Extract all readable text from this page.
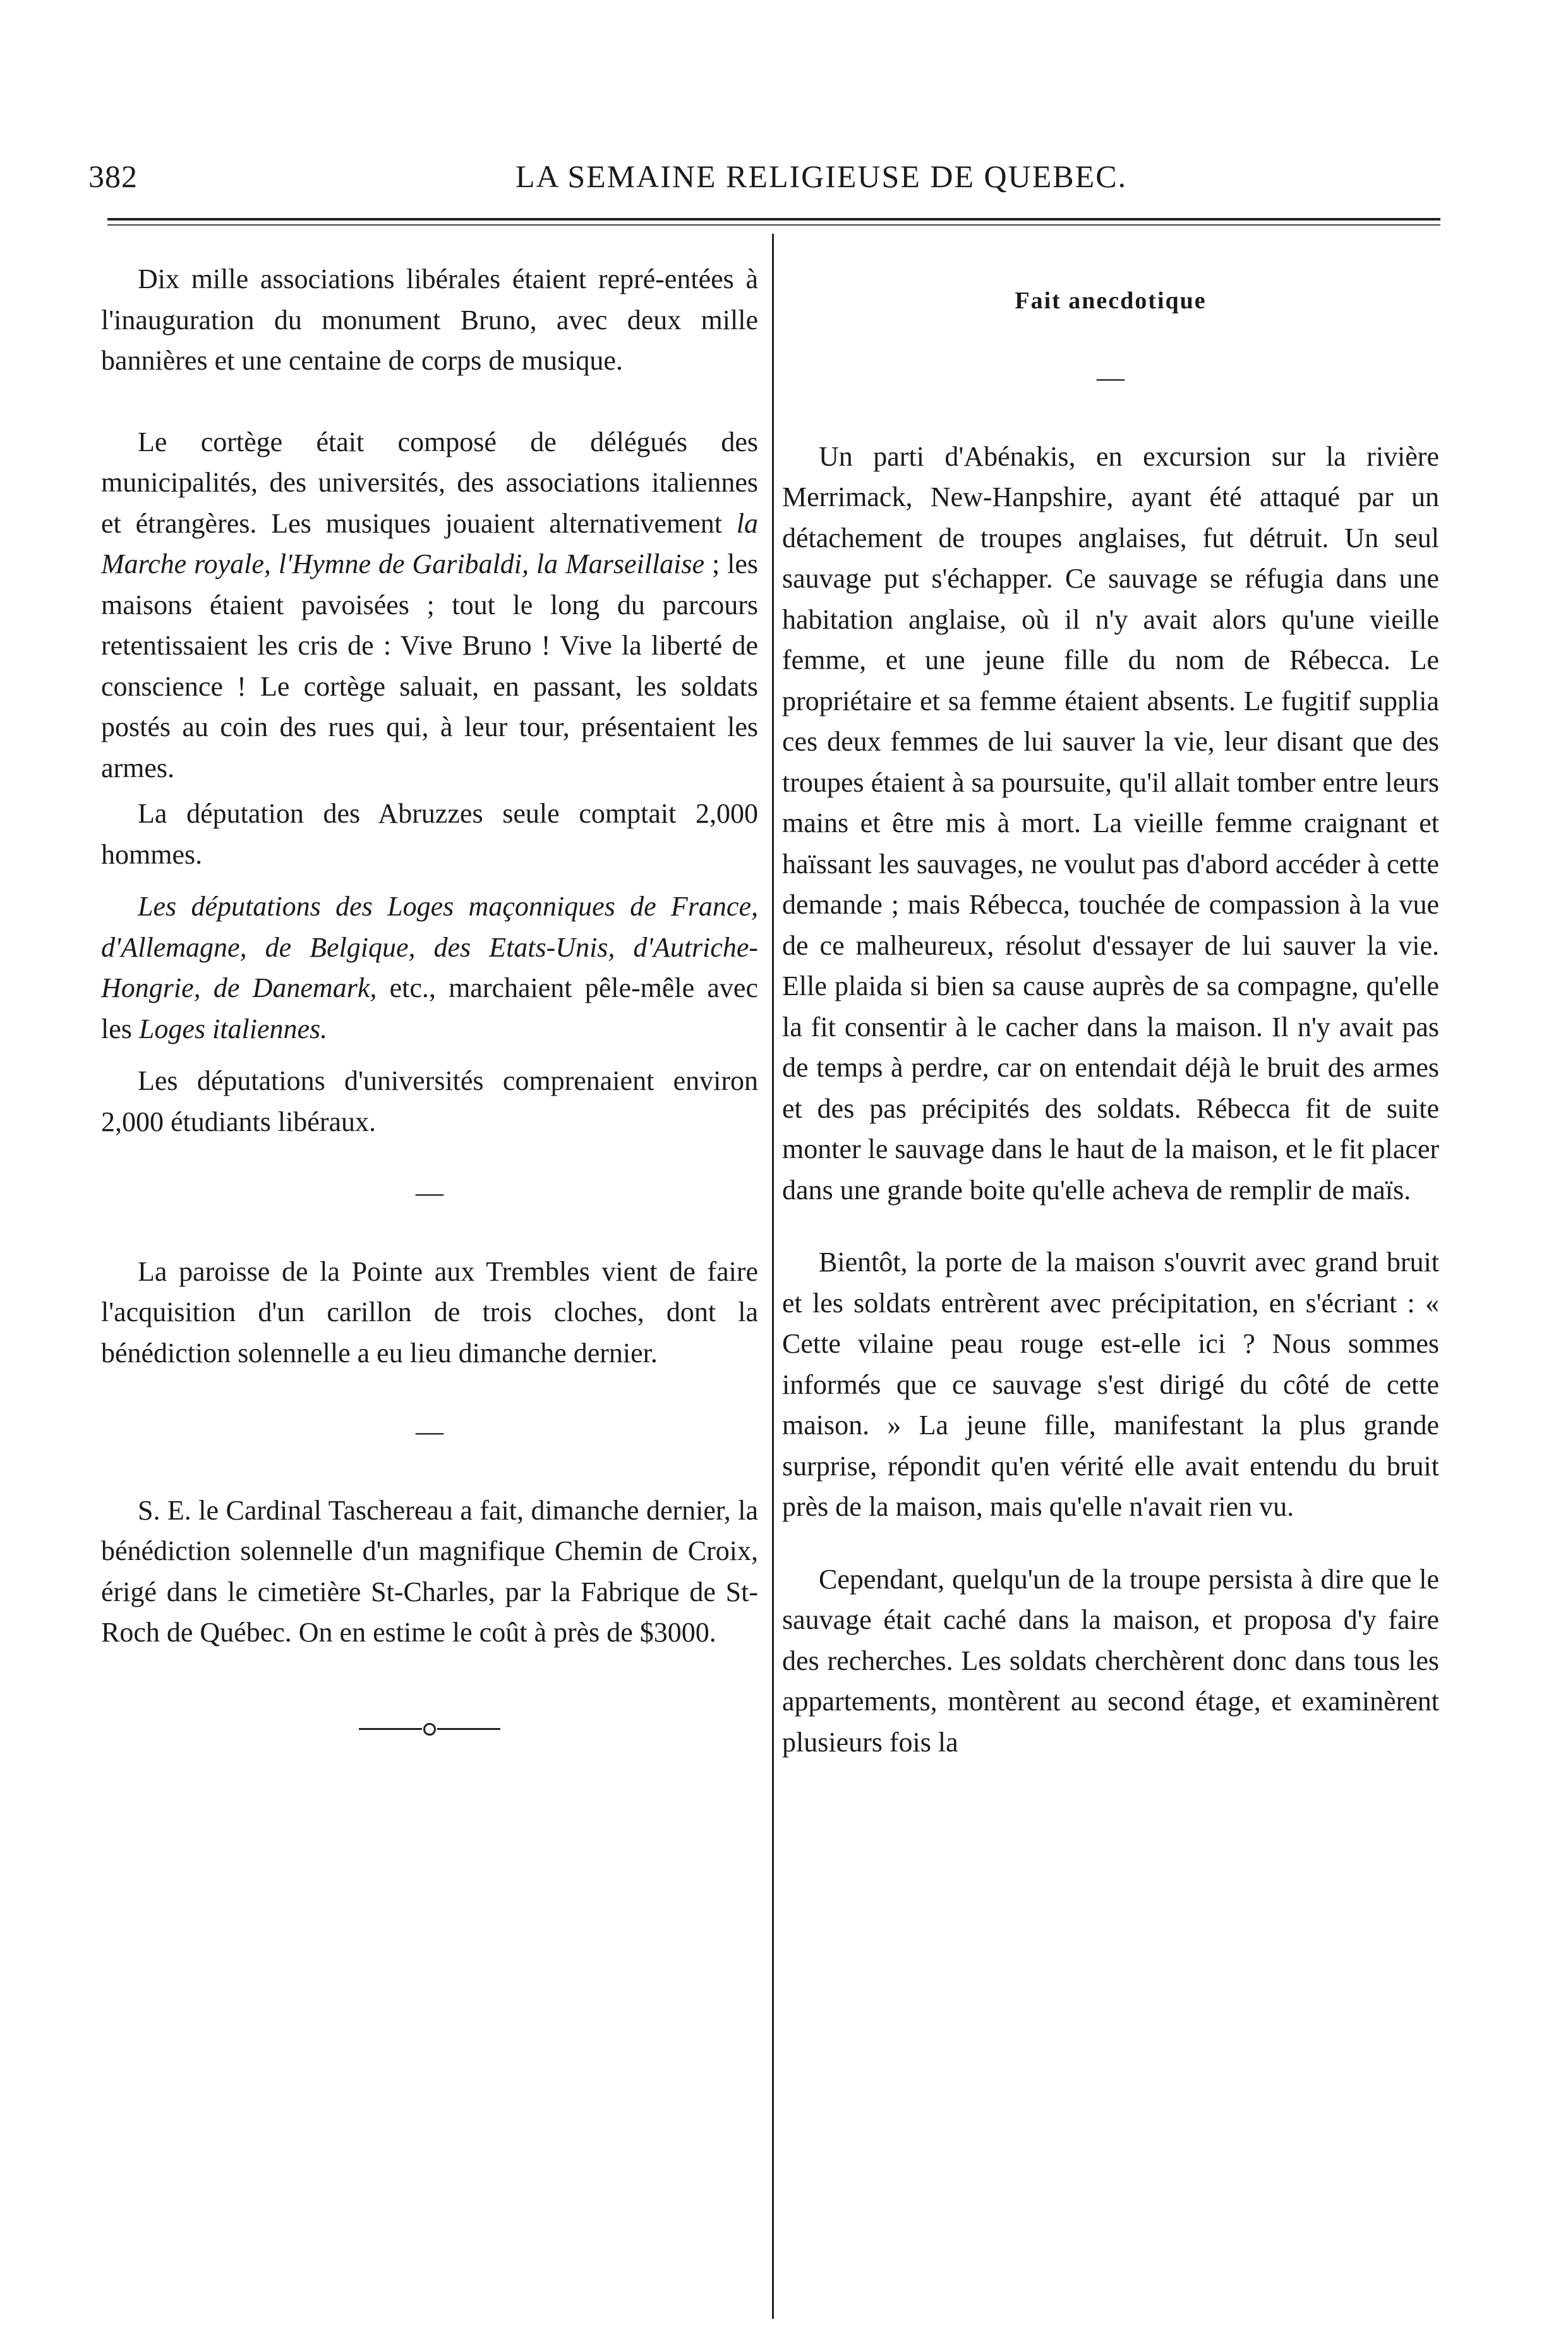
382	LA SEMAINE RELIGIEUSE DE QUEBEC.

Dix mille associations libérales étaient repré-entées à l'inauguration du monument Bruno, avec deux mille bannières et une centaine de corps de musique.

Le cortège était composé de délégués des municipalités, des universités, des associations italiennes et étrangères. Les musiques jouaient alternativement la Marche royale, l'Hymne de Garibaldi, la Marseillaise ; les maisons étaient pavoisées ; tout le long du parcours retentissaient les cris de : Vive Bruno ! Vive la liberté de conscience ! Le cortège saluait, en passant, les soldats postés au coin des rues qui, à leur tour, présentaient les armes.

La députation des Abruzzes seule comptait 2,000 hommes.

Les députations des Loges maçonniques de France, d'Allemagne, de Belgique, des Etats-Unis, d'Autriche-Hongrie, de Danemark, etc., marchaient pêle-mêle avec les Loges italiennes.

Les députations d'universités comprenaient environ 2,000 étudiants libéraux.

—

La paroisse de la Pointe aux Trembles vient de faire l'acquisition d'un carillon de trois cloches, dont la bénédiction solennelle a eu lieu dimanche dernier.

—

S. E. le Cardinal Taschereau a fait, dimanche dernier, la bénédiction solennelle d'un magnifique Chemin de Croix, érigé dans le cimetière St-Charles, par la Fabrique de St-Roch de Québec. On en estime le coût à près de $3000.

Fait anecdotique
—

Un parti d'Abénakis, en excursion sur la rivière Merrimack, New-Hanpshire, ayant été attaqué par un détachement de troupes anglaises, fut détruit. Un seul sauvage put s'échapper. Ce sauvage se réfugia dans une habitation anglaise, où il n'y avait alors qu'une vieille femme, et une jeune fille du nom de Rébecca. Le propriétaire et sa femme étaient absents. Le fugitif supplia ces deux femmes de lui sauver la vie, leur disant que des troupes étaient à sa poursuite, qu'il allait tomber entre leurs mains et être mis à mort. La vieille femme craignant et haïssant les sauvages, ne voulut pas d'abord accéder à cette demande ; mais Rébecca, touchée de compassion à la vue de ce malheureux, résolut d'essayer de lui sauver la vie. Elle plaida si bien sa cause auprès de sa compagne, qu'elle la fit consentir à le cacher dans la maison. Il n'y avait pas de temps à perdre, car on entendait déjà le bruit des armes et des pas précipités des soldats. Rébecca fit de suite monter le sauvage dans le haut de la maison, et le fit placer dans une grande boite qu'elle acheva de remplir de maïs.

Bientôt, la porte de la maison s'ouvrit avec grand bruit et les soldats entrèrent avec précipitation, en s'écriant : « Cette vilaine peau rouge est-elle ici ? Nous sommes informés que ce sauvage s'est dirigé du côté de cette maison. » La jeune fille, manifestant la plus grande surprise, répondit qu'en vérité elle avait entendu du bruit près de la maison, mais qu'elle n'avait rien vu.

Cependant, quelqu'un de la troupe persista à dire que le sauvage était caché dans la maison, et proposa d'y faire des recherches. Les soldats cherchèrent donc dans tous les appartements, montèrent au second étage, et examinèrent plusieurs fois la
